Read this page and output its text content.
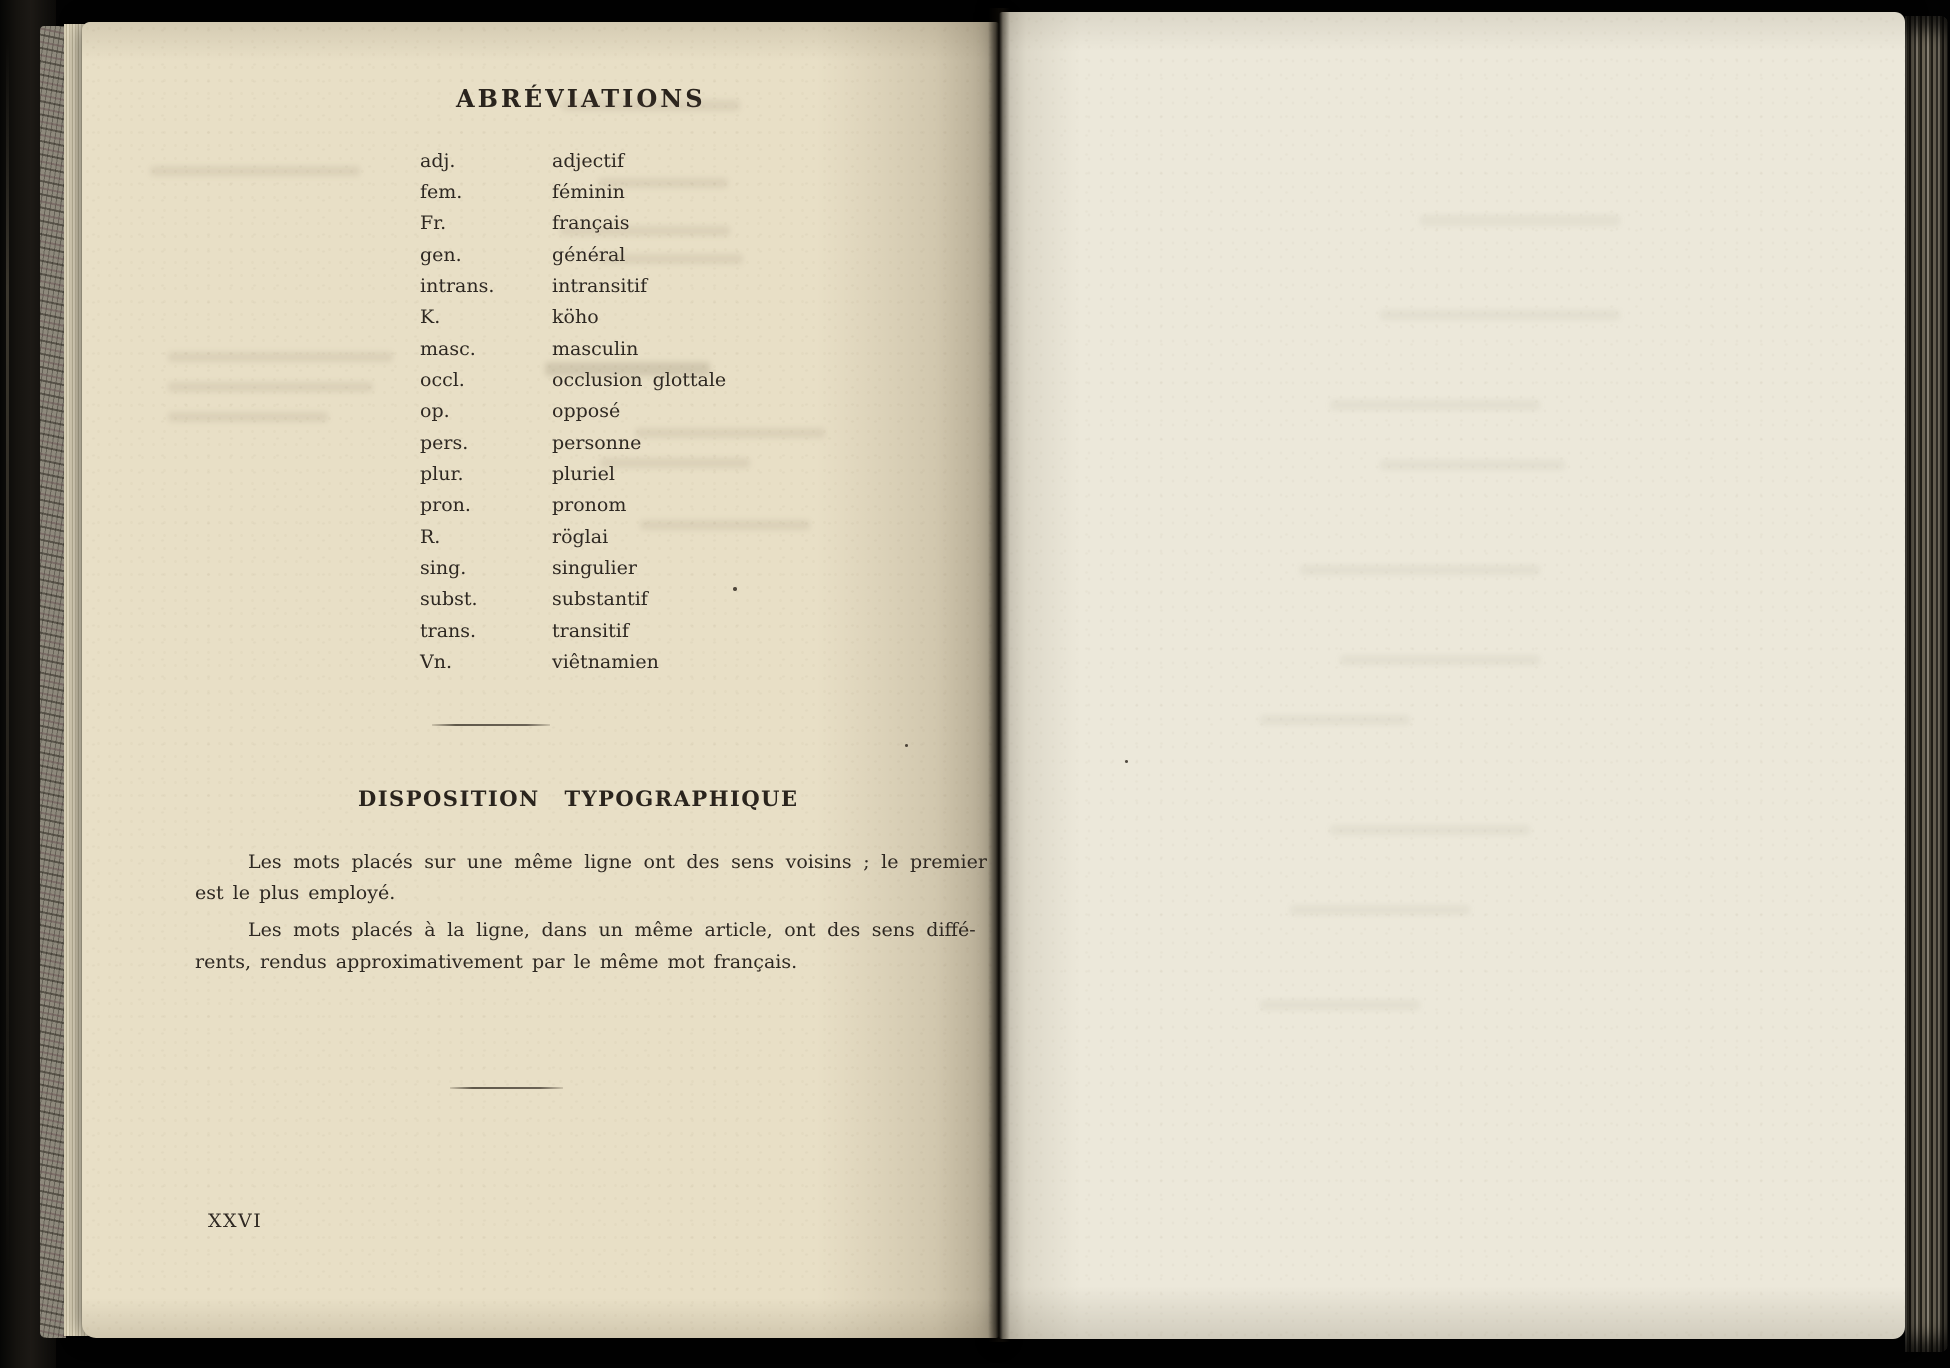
ABRÉVIATIONS
adj.	adjectif
fem.	féminin
Fr.	français
gen.	général
intrans.	intransitif
K.	köho
masc.	masculin
occl.	occlusion glottale
op.	opposé
pers.	personne
plur.	pluriel
pron.	pronom
R.	röglai
sing.	singulier
subst.	substantif
trans.	transitif
Vn.	viêtnamien
DISPOSITION TYPOGRAPHIQUE
Les mots placés sur une même ligne ont des sens voisins ; le premier
est le plus employé.
Les mots placés à la ligne, dans un même article, ont des sens diffé-
rents, rendus approximativement par le même mot français.
XXVI
